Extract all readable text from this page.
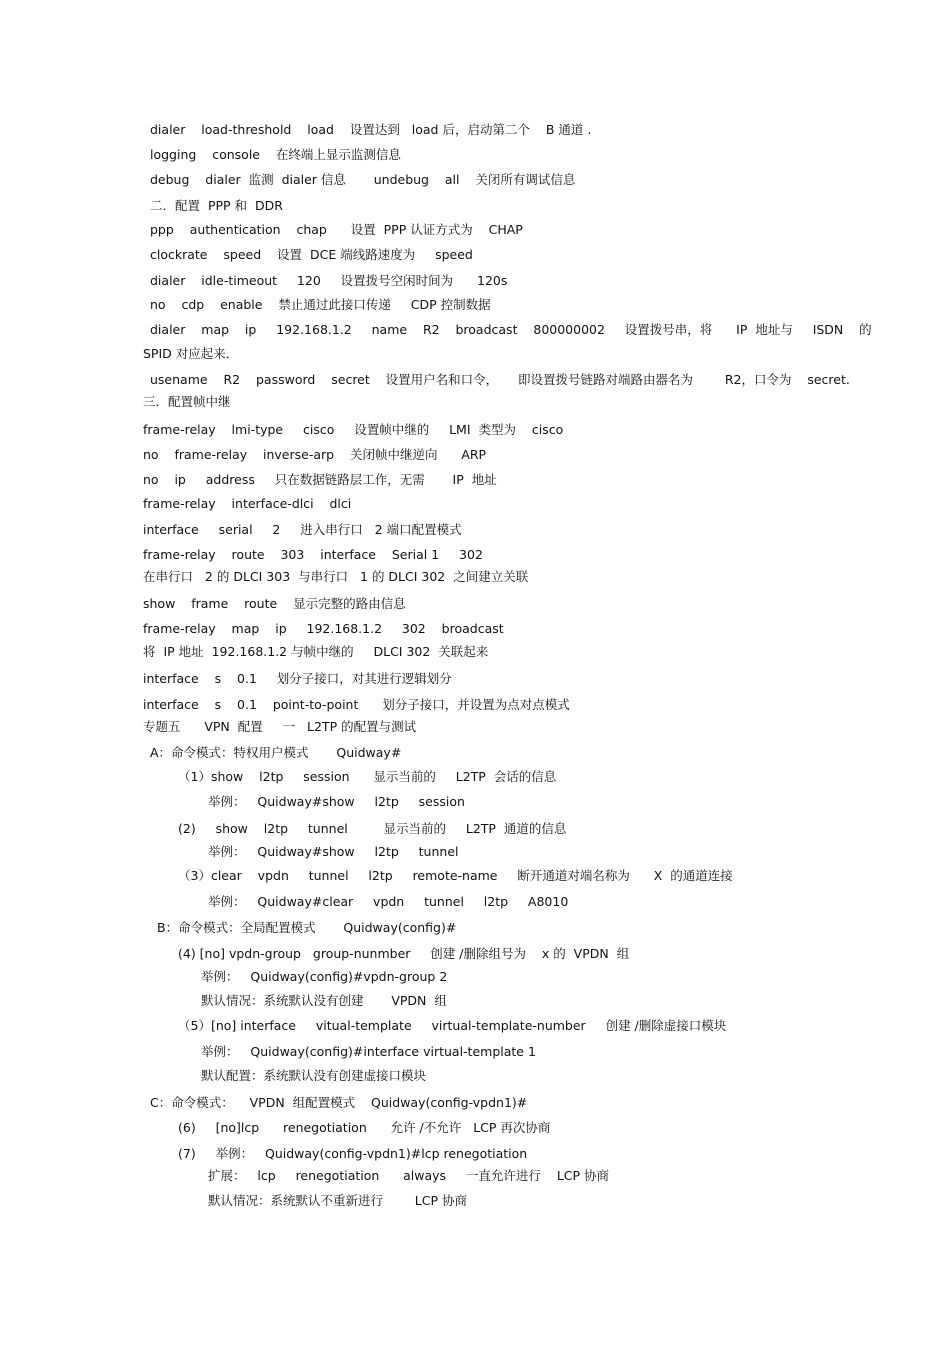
dialer    load-threshold    load    设置达到   load 后，启动第二个    B 通道 .
logging    console    在终端上显示监测信息
debug    dialer  监测  dialer 信息       undebug    all    关闭所有调试信息
二．配置  PPP 和  DDR
ppp    authentication    chap      设置  PPP 认证方式为    CHAP
clockrate    speed    设置  DCE 端线路速度为     speed
dialer    idle-timeout     120     设置拨号空闲时间为      120s
no    cdp    enable    禁止通过此接口传递     CDP 控制数据
dialer    map    ip     192.168.1.2     name    R2    broadcast    800000002     设置拨号串，将      IP  地址与     ISDN    的
SPID 对应起来．
usename    R2    password    secret    设置用户名和口令，     即设置拨号链路对端路由器名为        R2，口令为    secret.
三．配置帧中继
frame-relay    lmi-type     cisco     设置帧中继的     LMI  类型为    cisco
no    frame-relay    inverse-arp    关闭帧中继逆向      ARP
no    ip     address     只在数据链路层工作，无需       IP  地址
frame-relay    interface-dlci    dlci
interface     serial     2     进入串行口   2 端口配置模式
frame-relay    route    303    interface    Serial 1     302
在串行口   2 的 DLCI 303  与串行口   1 的 DLCI 302  之间建立关联
show    frame    route    显示完整的路由信息
frame-relay    map    ip     192.168.1.2     302    broadcast
将  IP 地址  192.168.1.2 与帧中继的     DLCI 302  关联起来
interface    s    0.1     划分子接口，对其进行逻辑划分
interface    s    0.1    point-to-point      划分子接口，并设置为点对点模式
专题五      VPN  配置     一   L2TP 的配置与测试
A：命令模式：特权用户模式       Quidway#
（1）show    l2tp     session      显示当前的     L2TP  会话的信息
举例：   Quidway#show     l2tp     session
(2)     show    l2tp     tunnel         显示当前的     L2TP  通道的信息
举例：   Quidway#show     l2tp     tunnel
（3）clear    vpdn     tunnel     l2tp     remote-name     断开通道对端名称为      X  的通道连接
举例：   Quidway#clear     vpdn     tunnel     l2tp     A8010
B：命令模式：全局配置模式       Quidway(config)#
(4) [no] vpdn-group   group-nunmber     创建 /删除组号为    x 的  VPDN  组
举例：   Quidway(config)#vpdn-group 2
默认情况：系统默认没有创建       VPDN  组
（5）[no] interface     vitual-template     virtual-template-number     创建 /删除虚接口模块
举例：   Quidway(config)#interface virtual-template 1
默认配置：系统默认没有创建虚接口模块
C：命令模式：    VPDN  组配置模式    Quidway(config-vpdn1)#
(6)     [no]lcp      renegotiation      允许 /不允许   LCP 再次协商
(7)     举例：   Quidway(config-vpdn1)#lcp renegotiation
扩展：   lcp     renegotiation      always     一直允许进行    LCP 协商
默认情况：系统默认不重新进行        LCP 协商
